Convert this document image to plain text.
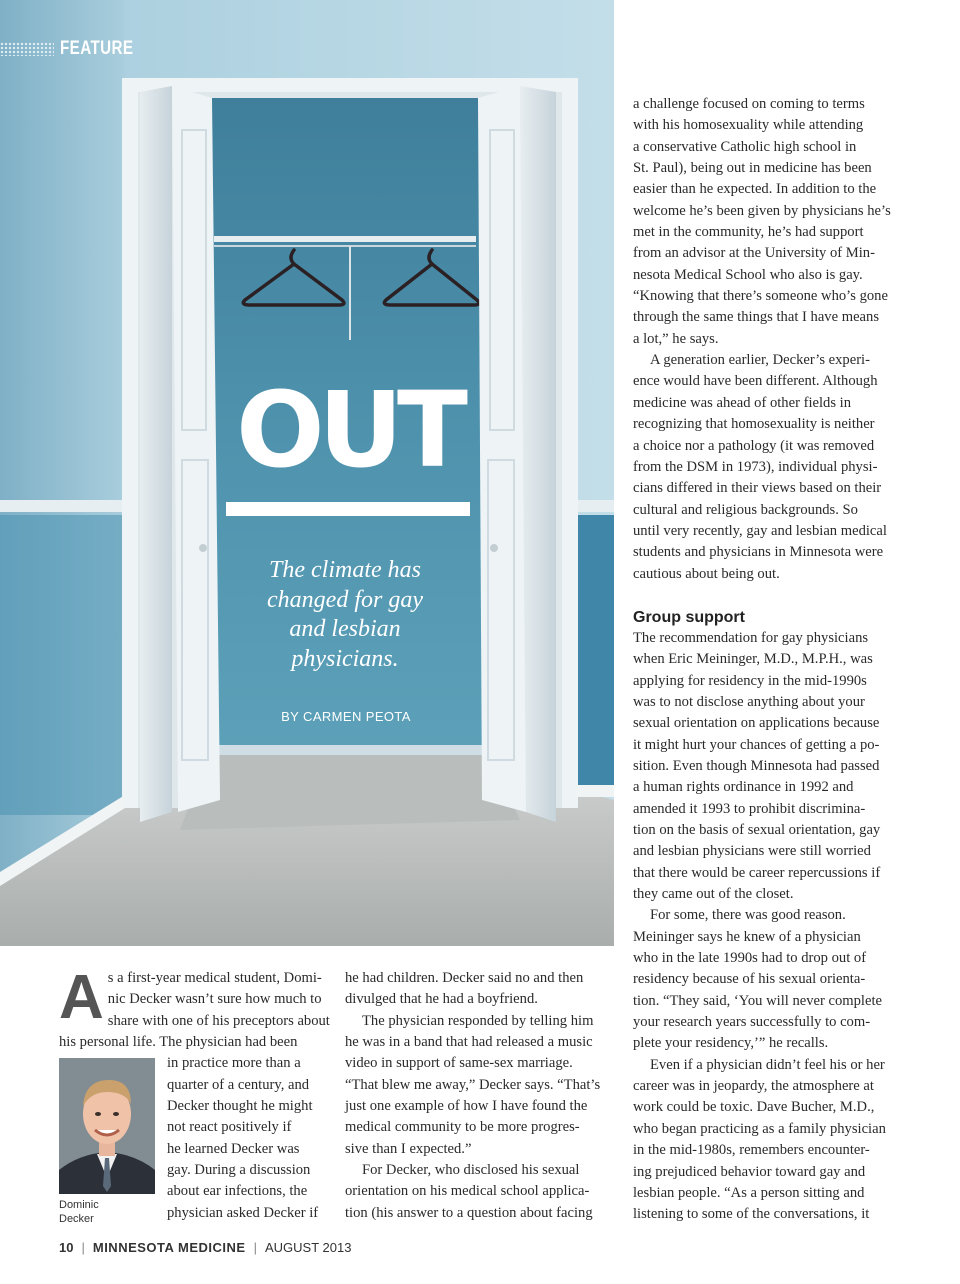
FEATURE
OUT
The climate has changed for gay and lesbian physicians.
BY CARMEN PEOTA
A s a first-year medical student, Domi-
nic Decker wasn’t sure how much to
share with one of his preceptors about
his personal life. The physician had been
in practice more than a
quarter of a century, and
Decker thought he might
not react positively if
he learned Decker was
gay. During a discussion
about ear infections, the
physician asked Decker if
Dominic
Decker
he had children. Decker said no and then
divulged that he had a boyfriend.
The physician responded by telling him
he was in a band that had released a music
video in support of same-sex marriage.
“That blew me away,” Decker says. “That’s
just one example of how I have found the
medical community to be more progres-
sive than I expected.”
For Decker, who disclosed his sexual
orientation on his medical school applica-
tion (his answer to a question about facing
a challenge focused on coming to terms
with his homosexuality while attending
a conservative Catholic high school in
St. Paul), being out in medicine has been
easier than he expected. In addition to the
welcome he’s been given by physicians he’s
met in the community, he’s had support
from an advisor at the University of Min-
nesota Medical School who also is gay.
“Knowing that there’s someone who’s gone
through the same things that I have means
a lot,” he says.
A generation earlier, Decker’s experi-
ence would have been different. Although
medicine was ahead of other fields in
recognizing that homosexuality is neither
a choice nor a pathology (it was removed
from the DSM in 1973), individual physi-
cians differed in their views based on their
cultural and religious backgrounds. So
until very recently, gay and lesbian medical
students and physicians in Minnesota were
cautious about being out.
Group support
The recommendation for gay physicians
when Eric Meininger, M.D., M.P.H., was
applying for residency in the mid-1990s
was to not disclose anything about your
sexual orientation on applications because
it might hurt your chances of getting a po-
sition. Even though Minnesota had passed
a human rights ordinance in 1992 and
amended it 1993 to prohibit discrimina-
tion on the basis of sexual orientation, gay
and lesbian physicians were still worried
that there would be career repercussions if
they came out of the closet.
For some, there was good reason.
Meininger says he knew of a physician
who in the late 1990s had to drop out of
residency because of his sexual orienta-
tion. “They said, ‘You will never complete
your research years successfully to com-
plete your residency,’” he recalls.
Even if a physician didn’t feel his or her
career was in jeopardy, the atmosphere at
work could be toxic. Dave Bucher, M.D.,
who began practicing as a family physician
in the mid-1980s, remembers encounter-
ing prejudiced behavior toward gay and
lesbian people. “As a person sitting and
listening to some of the conversations, it
10 | MINNESOTA MEDICINE | AUGUST 2013
